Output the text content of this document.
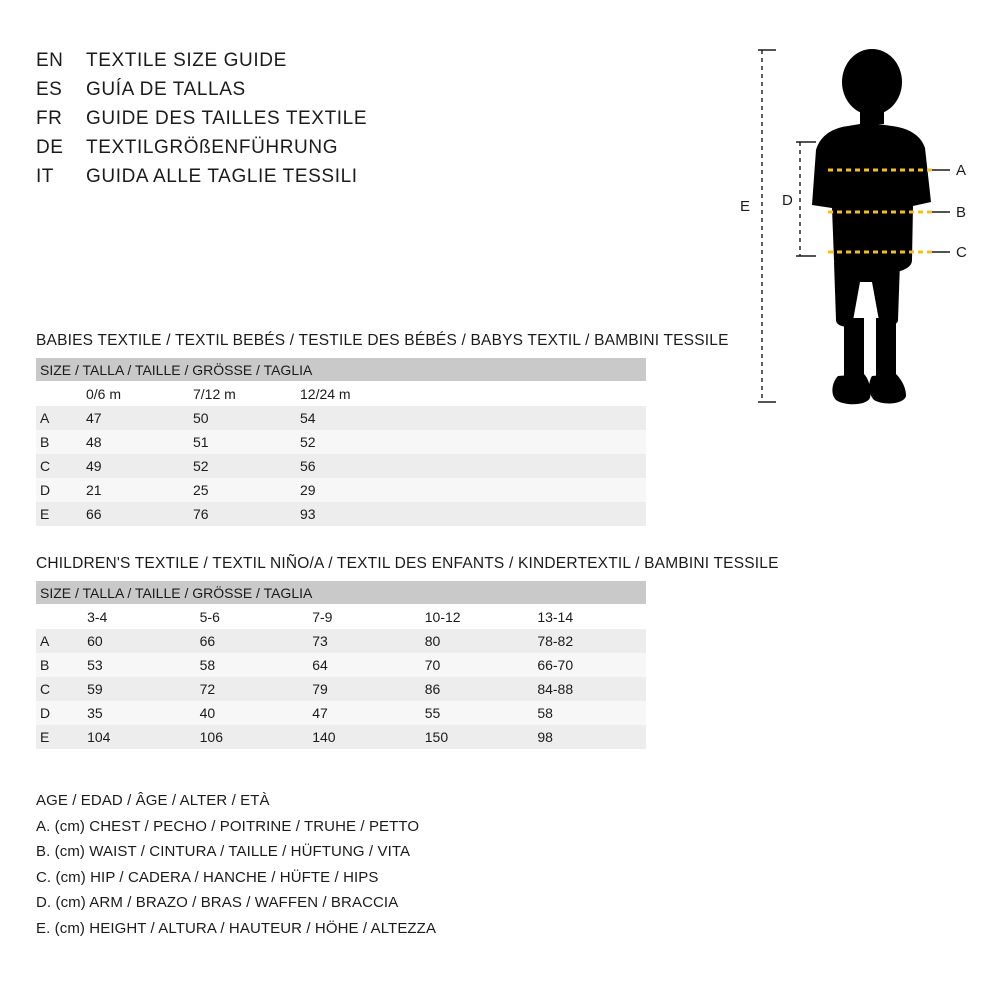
EN	TEXTILE SIZE GUIDE
ES	GUÍA DE TALLAS
FR	GUIDE DES TAILLES TEXTILE
DE	TEXTILGRÖßENFÜHRUNG
IT	GUIDA ALLE TAGLIE TESSILI	A
B
C
D
E
BABIES TEXTILE / TEXTIL BEBÉS / TESTILE DES BÉBÉS / BABYS TEXTIL / BAMBINI TESSILE
SIZE / TALLA / TAILLE / GRÖSSE / TAGLIA				
	0/6 m	7/12 m	12/24 m	
A	47	50	54	
B	48	51	52	
C	49	52	56	
D	21	25	29	
E	66	76	93	
CHILDREN'S TEXTILE / TEXTIL NIÑO/A / TEXTIL DES ENFANTS / KINDERTEXTIL / BAMBINI TESSILE
SIZE / TALLA / TAILLE / GRÖSSE / TAGLIA					
	3-4	5-6	7-9	10-12	13-14
A	60	66	73	80	78-82
B	53	58	64	70	66-70
C	59	72	79	86	84-88
D	35	40	47	55	58
E	104	106	140	150	98
AGE / EDAD / ÂGE / ALTER / ETÀ
A. (cm) CHEST / PECHO / POITRINE / TRUHE / PETTO
B. (cm) WAIST / CINTURA / TAILLE / HÜFTUNG / VITA
C. (cm) HIP / CADERA / HANCHE / HÜFTE / HIPS
D. (cm) ARM / BRAZO / BRAS / WAFFEN / BRACCIA
E. (cm) HEIGHT / ALTURA / HAUTEUR / HÖHE / ALTEZZA
